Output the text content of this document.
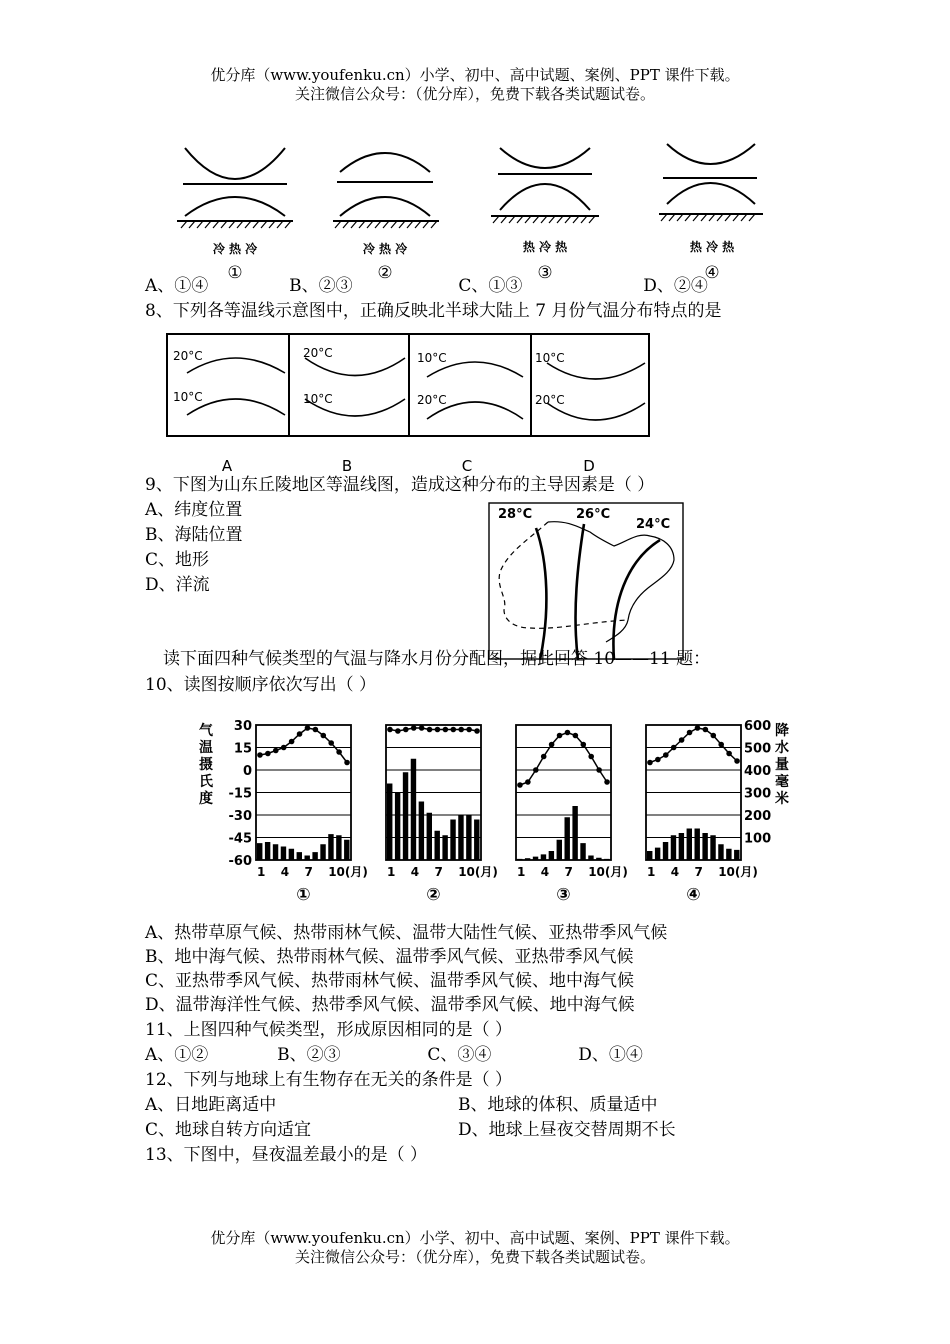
优分库（www.youfenku.cn）小学、初中、高中试题、案例、PPT 课件下载。
关注微信公众号：（优分库），免费下载各类试题试卷。
冷 热 冷
①
冷 热 冷
②
热 冷 热
③
热 冷 热
④
A、①④	B、②③	C、①③	D、②④
8、下列各等温线示意图中，正确反映北半球大陆上 7 月份气温分布特点的是
20°C
10°C
A
20°C
10°C
B
10°C
20°C
C
10°C
20°C
D
9、下图为山东丘陵地区等温线图，造成这种分布的主导因素是（ ）
A、纬度位置
B、海陆位置
C、地形
D、洋流
28°C	26°C
24°C
读下面四种气候类型的气温与降水月份分配图，据此回答 10——11 题：
10、读图按顺序依次写出（ ）
气
温
摄
氏
度
降
水
量
毫
米
30
15
0
-15
-30
-45
-60
600
500
400
300
200
100
1 4 7 10(月)
①
1 4 7 10(月)
②
1 4 7 10(月)
③
1 4 7 10(月)
④
A、热带草原气候、热带雨林气候、温带大陆性气候、亚热带季风气候
B、地中海气候、热带雨林气候、温带季风气候、亚热带季风气候
C、亚热带季风气候、热带雨林气候、温带季风气候、地中海气候
D、温带海洋性气候、热带季风气候、温带季风气候、地中海气候
11、上图四种气候类型，形成原因相同的是（ ）
A、①②	B、②③	C、③④	D、①④
12、下列与地球上有生物存在无关的条件是（ ）
A、日地距离适中	B、地球的体积、质量适中
C、地球自转方向适宜	D、地球上昼夜交替周期不长
13、下图中，昼夜温差最小的是（ ）
优分库（www.youfenku.cn）小学、初中、高中试题、案例、PPT 课件下载。
关注微信公众号：（优分库），免费下载各类试题试卷。
